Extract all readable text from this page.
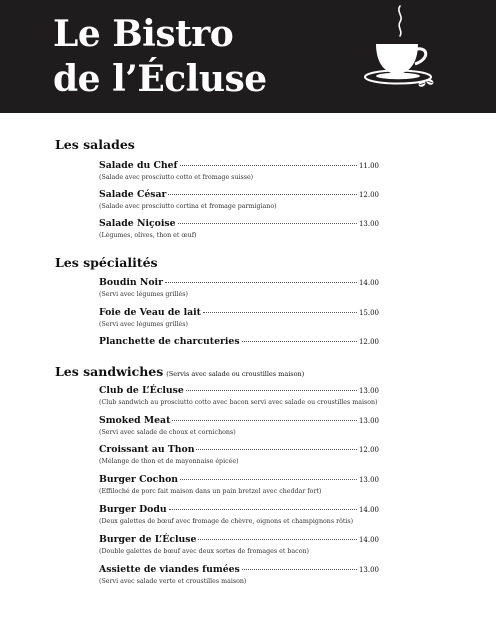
Le Bistro
de l’Écluse
Les salades
Salade du Chef	11.00
(Salade avec prosciutto cotto et fromage suisse)
Salade César	12.00
(Salade avec prosciutto cortina et fromage parmigiano)
Salade Niçoise	13.00
(Légumes, olives, thon et œuf)
Les spécialités
Boudin Noir	14.00
(Servi avec légumes grillés)
Foie de Veau de lait	15.00
(Servi avec légumes grillés)
Planchette de charcuteries	12.00
Les sandwiches (Servis avec salade ou croustilles maison)
Club de L’Écluse	13.00
(Club sandwich au prosciutto cotto avec bacon servi avec salade ou croustilles maison)
Smoked Meat	13.00
(Servi avec salade de choux et cornichons)
Croissant au Thon	12.00
(Mélange de thon et de mayonnaise épicée)
Burger Cochon	13.00
(Effiloché de porc fait maison dans un pain bretzel avec cheddar fort)
Burger Dodu	14.00
(Deux galettes de bœuf avec fromage de chèvre, oignons et champignons rôtis)
Burger de L’Écluse	14.00
(Double galettes de bœuf avec deux sortes de fromages et bacon)
Assiette de viandes fumées	13.00
(Servi avec salade verte et croustilles maison)
